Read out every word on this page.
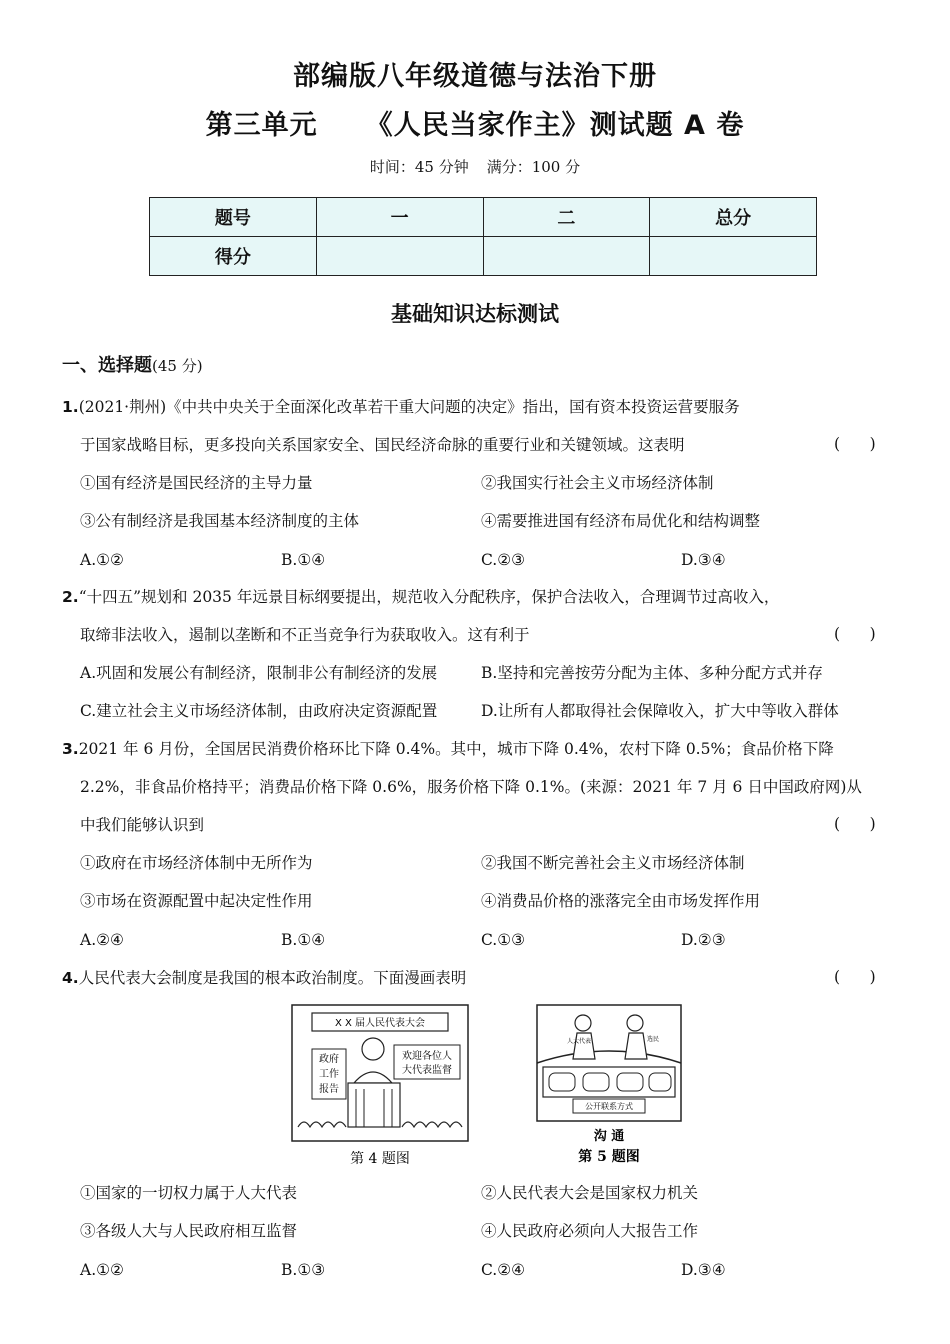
部编版八年级道德与法治下册
第三单元 《人民当家作主》测试题 A 卷
时间：45 分钟 满分：100 分
题号	一	二	总分
得分			
基础知识达标测试
一、选择题(45 分)
1.(2021·荆州)《中共中央关于全面深化改革若干重大问题的决定》指出，国有资本投资运营要服务
于国家战略目标，更多投向关系国家安全、国民经济命脉的重要行业和关键领域。这表明	(      )
①国有经济是国民经济的主导力量	②我国实行社会主义市场经济体制
③公有制经济是我国基本经济制度的主体	④需要推进国有经济布局优化和结构调整
A.①②	B.①④	C.②③	D.③④
2.“十四五”规划和 2035 年远景目标纲要提出，规范收入分配秩序，保护合法收入，合理调节过高收入，
取缔非法收入，遏制以垄断和不正当竞争行为获取收入。这有利于	(      )
A.巩固和发展公有制经济，限制非公有制经济的发展	B.坚持和完善按劳分配为主体、多种分配方式并存
C.建立社会主义市场经济体制，由政府决定资源配置	D.让所有人都取得社会保障收入，扩大中等收入群体
3.2021 年 6 月份，全国居民消费价格环比下降 0.4%。其中，城市下降 0.4%，农村下降 0.5%；食品价格下降
2.2%，非食品价格持平；消费品价格下降 0.6%，服务价格下降 0.1%。(来源：2021 年 7 月 6 日中国政府网)从
中我们能够认识到	(      )
①政府在市场经济体制中无所作为	②我国不断完善社会主义市场经济体制
③市场在资源配置中起决定性作用	④消费品价格的涨落完全由市场发挥作用
A.②④	B.①④	C.①③	D.②③
4.人民代表大会制度是我国的根本政治制度。下面漫画表明	(      )
X X 届人民代表大会
政府
工作
报告
欢迎各位人
大代表监督
第 4 题图
人大代表	选民
公开联系方式
沟 通
第 5 题图
①国家的一切权力属于人大代表	②人民代表大会是国家权力机关
③各级人大与人民政府相互监督	④人民政府必须向人大报告工作
A.①②	B.①③	C.②④	D.③④
